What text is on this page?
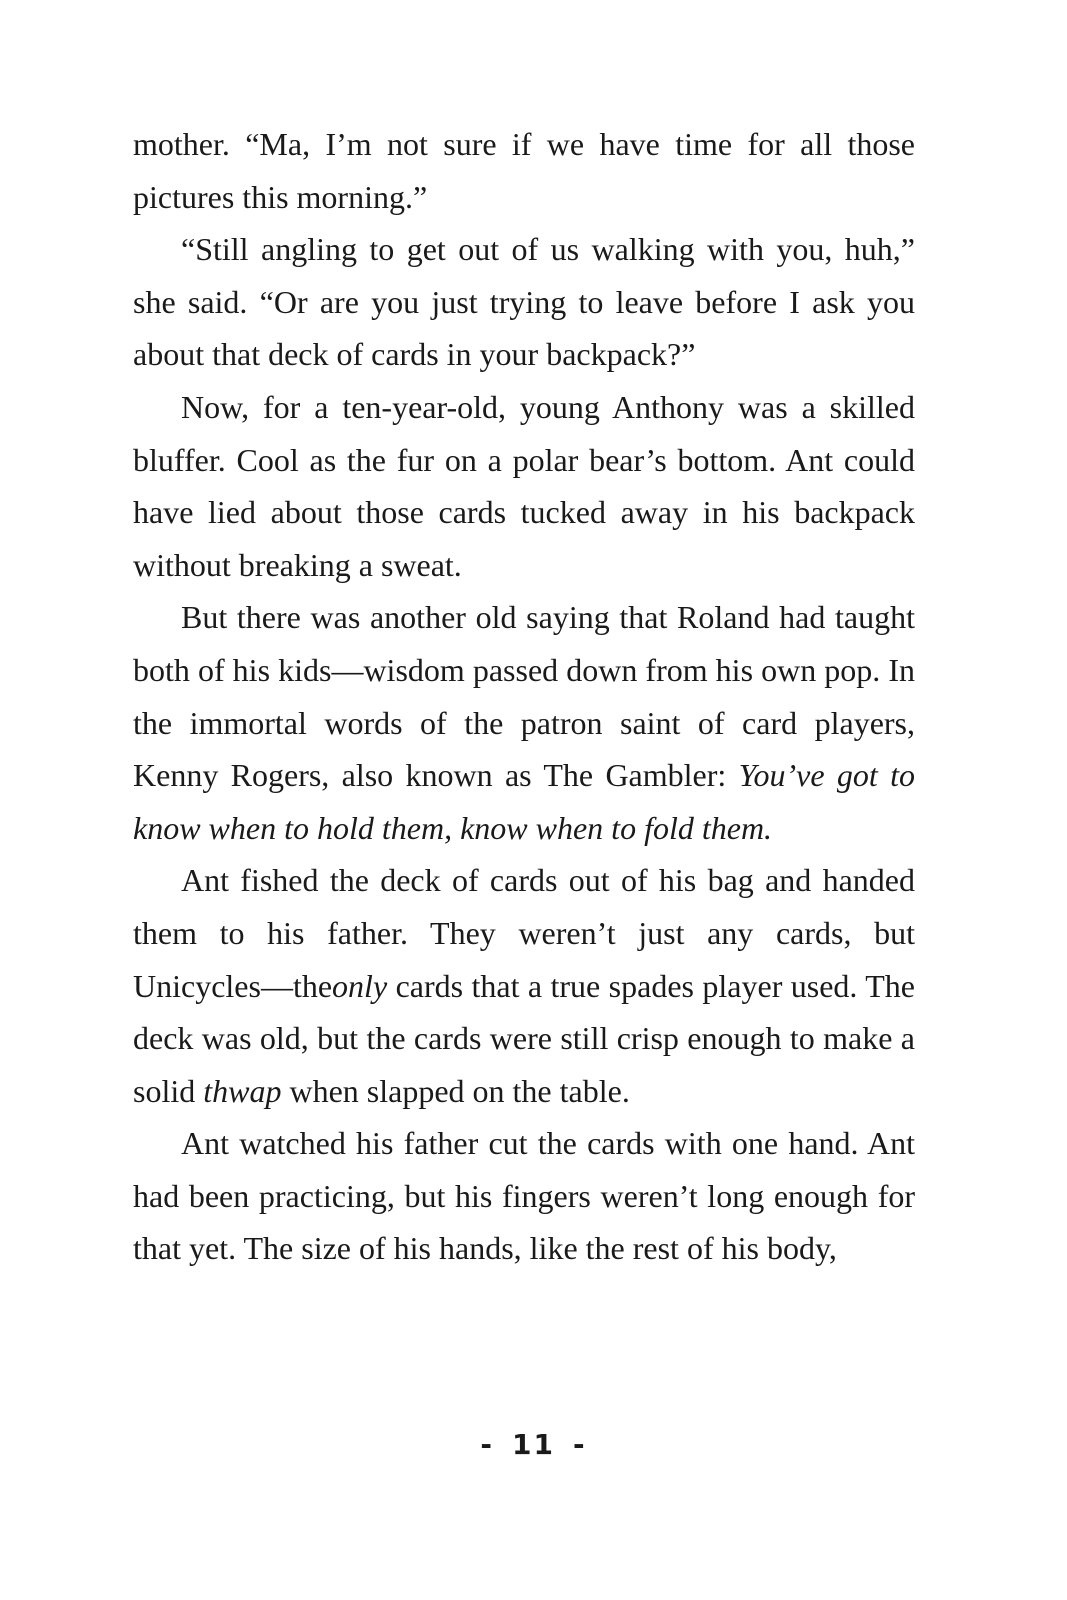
mother. “Ma, I’m not sure if we have time for all those pictures this morning.”

“Still angling to get out of us walking with you, huh,” she said. “Or are you just trying to leave before I ask you about that deck of cards in your backpack?”

Now, for a ten-year-old, young Anthony was a skilled bluffer. Cool as the fur on a polar bear’s bottom. Ant could have lied about those cards tucked away in his backpack without breaking a sweat.

But there was another old saying that Roland had taught both of his kids—wisdom passed down from his own pop. In the immortal words of the patron saint of card players, Kenny Rogers, also known as The Gambler: You’ve got to know when to hold them, know when to fold them.

Ant fished the deck of cards out of his bag and handed them to his father. They weren’t just any cards, but Unicycles—theonly cards that a true spades player used. The deck was old, but the cards were still crisp enough to make a solid thwap when slapped on the table.

Ant watched his father cut the cards with one hand. Ant had been practicing, but his fingers weren’t long enough for that yet. The size of his hands, like the rest of his body,

- 11 -
